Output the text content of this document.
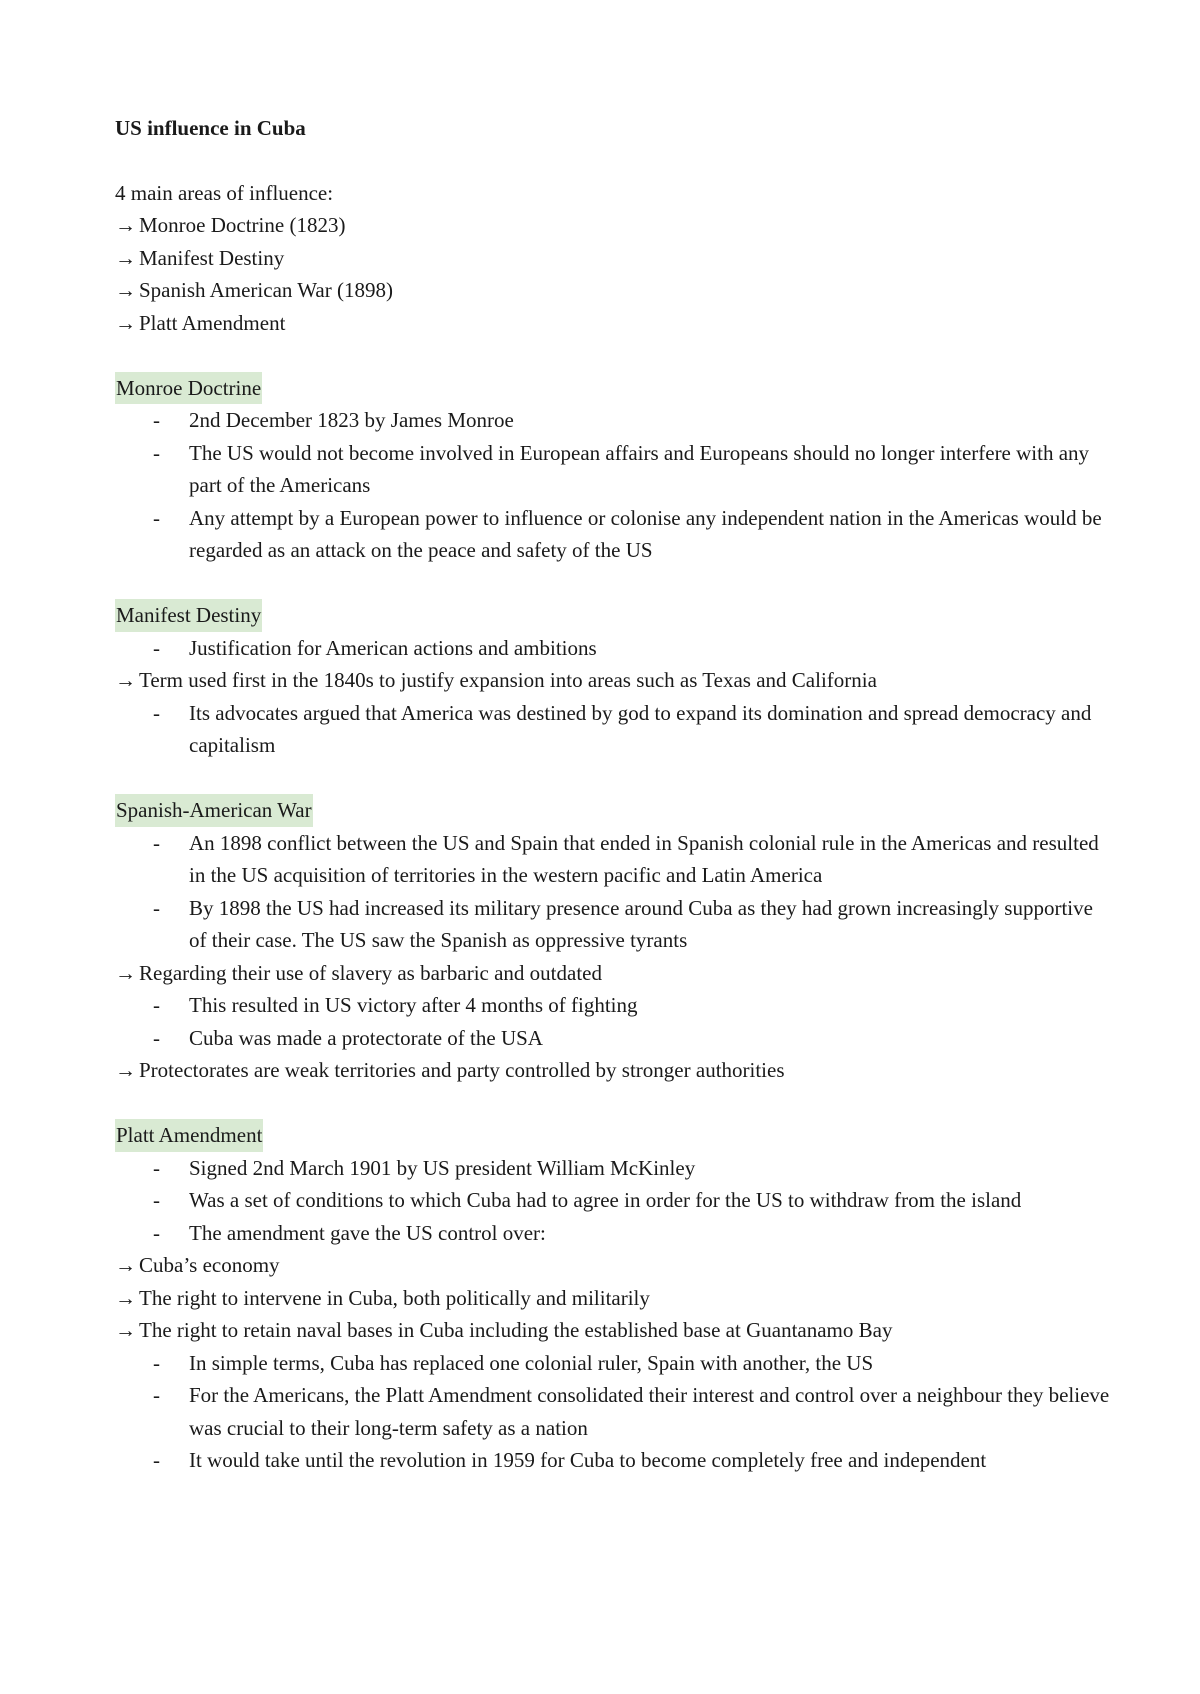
US influence in Cuba
4 main areas of influence:
→ Monroe Doctrine (1823)
→ Manifest Destiny
→ Spanish American War (1898)
→ Platt Amendment
Monroe Doctrine
- 2nd December 1823 by James Monroe
- The US would not become involved in European affairs and Europeans should no longer interfere with any part of the Americans
- Any attempt by a European power to influence or colonise any independent nation in the Americas would be regarded as an attack on the peace and safety of the US
Manifest Destiny
- Justification for American actions and ambitions
→ Term used first in the 1840s to justify expansion into areas such as Texas and California
- Its advocates argued that America was destined by god to expand its domination and spread democracy and capitalism
Spanish-American War
- An 1898 conflict between the US and Spain that ended in Spanish colonial rule in the Americas and resulted in the US acquisition of territories in the western pacific and Latin America
- By 1898 the US had increased its military presence around Cuba as they had grown increasingly supportive of their case. The US saw the Spanish as oppressive tyrants
→ Regarding their use of slavery as barbaric and outdated
- This resulted in US victory after 4 months of fighting
- Cuba was made a protectorate of the USA
→ Protectorates are weak territories and party controlled by stronger authorities
Platt Amendment
- Signed 2nd March 1901 by US president William McKinley
- Was a set of conditions to which Cuba had to agree in order for the US to withdraw from the island
- The amendment gave the US control over:
→ Cuba’s economy
→ The right to intervene in Cuba, both politically and militarily
→ The right to retain naval bases in Cuba including the established base at Guantanamo Bay
- In simple terms, Cuba has replaced one colonial ruler, Spain with another, the US
- For the Americans, the Platt Amendment consolidated their interest and control over a neighbour they believe was crucial to their long-term safety as a nation
- It would take until the revolution in 1959 for Cuba to become completely free and independent
